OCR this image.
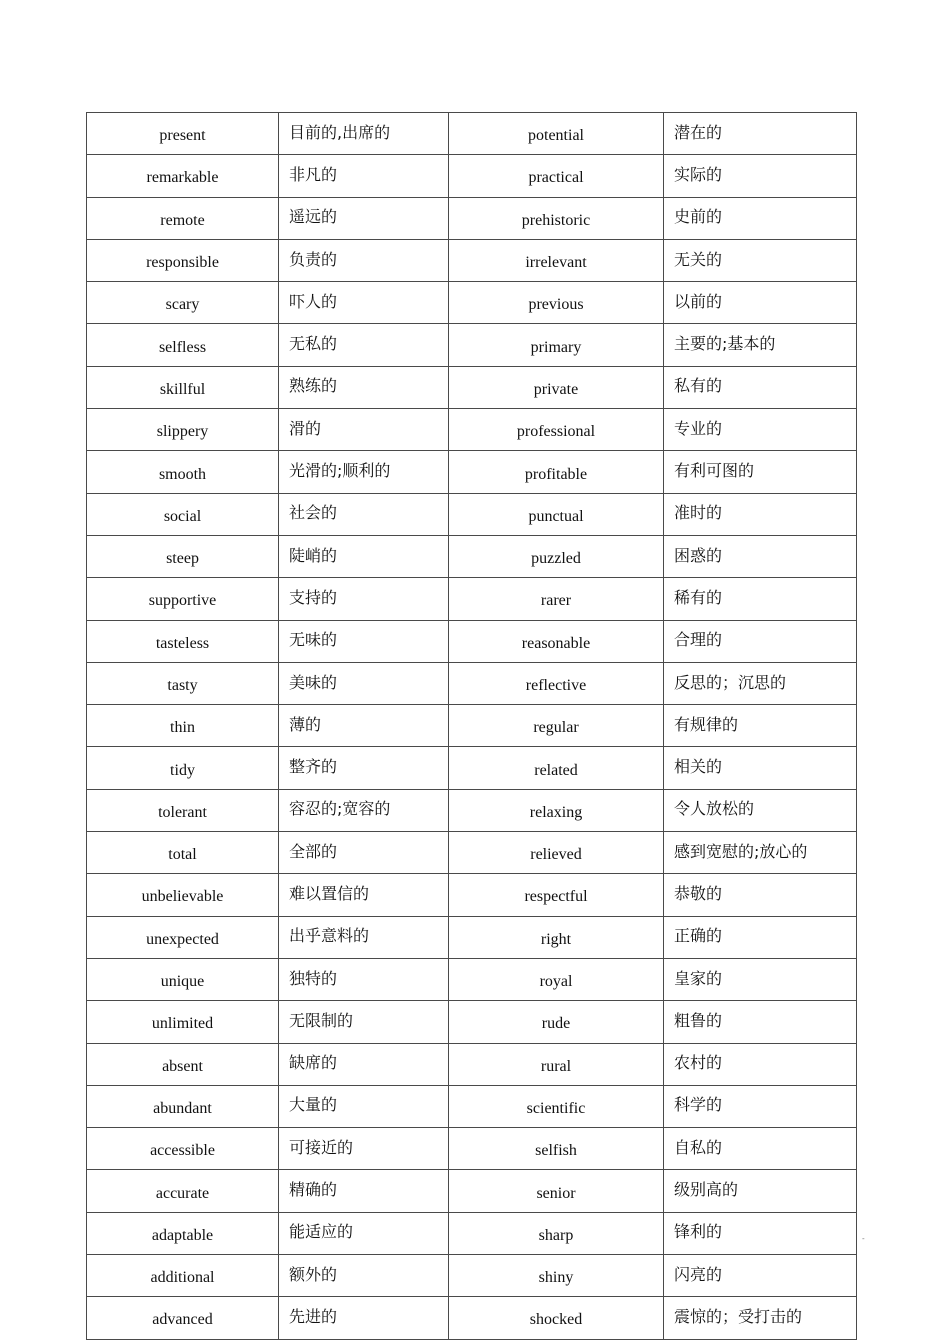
present	目前的,出席的	potential	潜在的
remarkable	非凡的	practical	实际的
remote	遥远的	prehistoric	史前的
responsible	负责的	irrelevant	无关的
scary	吓人的	previous	以前的
selfless	无私的	primary	主要的;基本的
skillful	熟练的	private	私有的
slippery	滑的	professional	专业的
smooth	光滑的;顺利的	profitable	有利可图的
social	社会的	punctual	准时的
steep	陡峭的	puzzled	困惑的
supportive	支持的	rarer	稀有的
tasteless	无味的	reasonable	合理的
tasty	美味的	reflective	反思的；沉思的
thin	薄的	regular	有规律的
tidy	整齐的	related	相关的
tolerant	容忍的;宽容的	relaxing	令人放松的
total	全部的	relieved	感到宽慰的;放心的
unbelievable	难以置信的	respectful	恭敬的
unexpected	出乎意料的	right	正确的
unique	独特的	royal	皇家的
unlimited	无限制的	rude	粗鲁的
absent	缺席的	rural	农村的
abundant	大量的	scientific	科学的
accessible	可接近的	selfish	自私的
accurate	精确的	senior	级别高的
adaptable	能适应的	sharp	锋利的
additional	额外的	shiny	闪亮的
advanced	先进的	shocked	震惊的；受打击的
-
